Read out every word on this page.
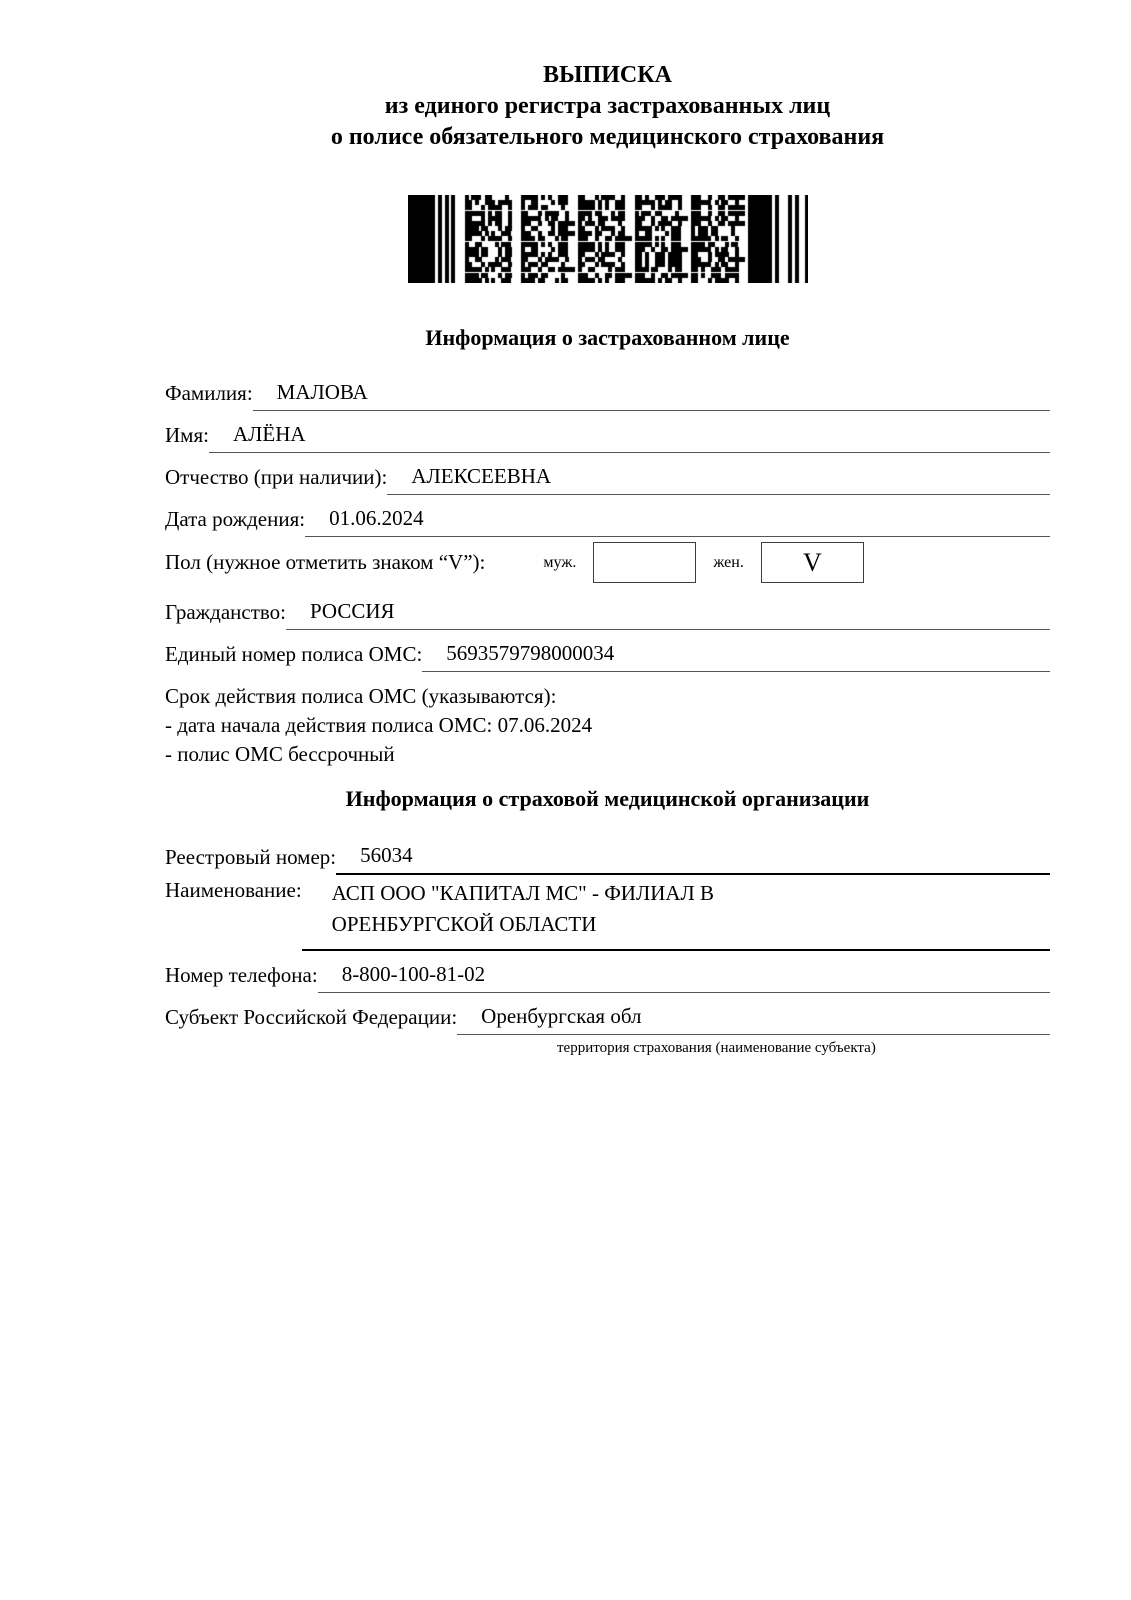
ВЫПИСКА
из единого регистра застрахованных лиц
о полисе обязательного медицинского страхования
Информация о застрахованном лице
Фамилия:	МАЛОВА
Имя:	АЛЁНА
Отчество (при наличии):	АЛЕКСЕЕВНА
Дата рождения:	01.06.2024
Пол (нужное отметить знаком “V”):	муж.	жен.	V
Гражданство:	РОССИЯ
Единый номер полиса ОМС:	5693579798000034
Срок действия полиса ОМС (указываются):
- дата начала действия полиса ОМС: 07.06.2024
- полис ОМС бессрочный
Информация о страховой медицинской организации
Реестровый номер:	56034
Наименование: АСП ООО "КАПИТАЛ МС" - ФИЛИАЛ В ОРЕНБУРГСКОЙ ОБЛАСТИ
Номер телефона:	8-800-100-81-02
Субъект Российской Федерации:	Оренбургская обл
территория страхования (наименование субъекта)
